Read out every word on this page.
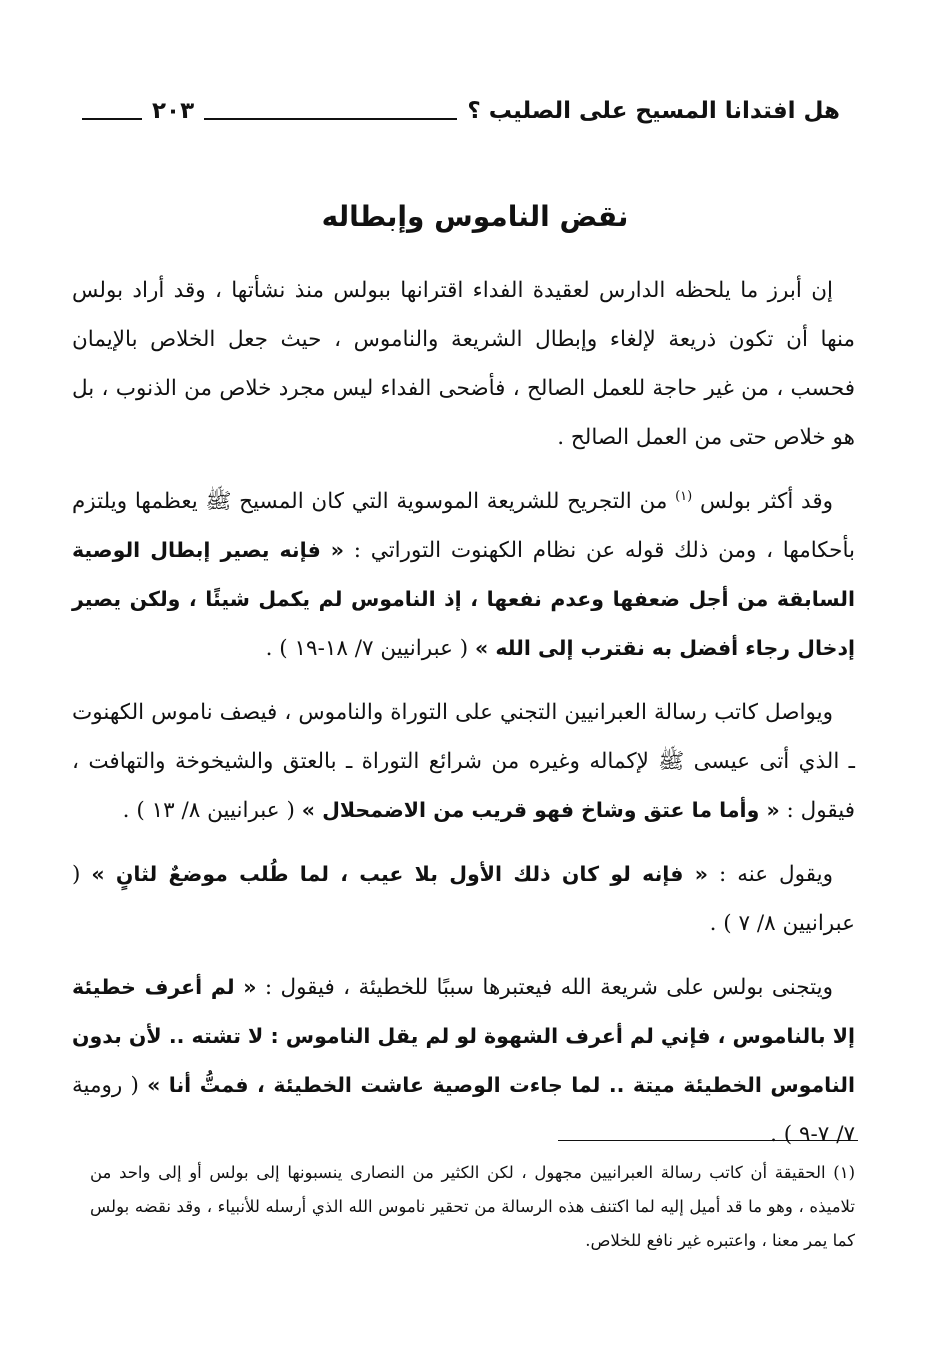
هل افتدانا المسيح على الصليب ؟
٢٠٣
نقض الناموس وإبطاله

إن أبرز ما يلحظه الدارس لعقيدة الفداء اقترانها ببولس منذ نشأتها ، وقد أراد بولس منها أن تكون ذريعة لإلغاء وإبطال الشريعة والناموس ، حيث جعل الخلاص بالإيمان فحسب ، من غير حاجة للعمل الصالح ، فأضحى الفداء ليس مجرد خلاص من الذنوب ، بل هو خلاص حتى من العمل الصالح .

وقد أكثر بولس $^{(١)}$ من التجريح للشريعة الموسوية التي كان المسيح ﷺ يعظمها ويلتزم بأحكامها ، ومن ذلك قوله عن نظام الكهنوت التوراتي : « فإنه يصير إبطال الوصية السابقة من أجل ضعفها وعدم نفعها ، إذ الناموس لم يكمل شيئًا ، ولكن يصير إدخال رجاء أفضل به نقترب إلى الله » ( عبرانيين ٧/ ١٨-١٩ ) .

ويواصل كاتب رسالة العبرانيين التجني على التوراة والناموس ، فيصف ناموس الكهنوت ـ الذي أتى عيسى ﷺ لإكماله وغيره من شرائع التوراة ـ بالعتق والشيخوخة والتهافت ، فيقول : « وأما ما عتق وشاخ فهو قريب من الاضمحلال » ( عبرانيين ٨/ ١٣ ) .

ويقول عنه : « فإنه لو كان ذلك الأول بلا عيب ، لما طُلب موضعٌ لثانٍ » ( عبرانيين ٨/ ٧ ) .

ويتجنى بولس على شريعة الله فيعتبرها سببًا للخطيئة ، فيقول : « لم أعرف خطيئة إلا بالناموس ، فإني لم أعرف الشهوة لو لم يقل الناموس : لا تشته .. لأن بدون الناموس الخطيئة ميتة .. لما جاءت الوصية عاشت الخطيئة ، فمتُّ أنا » ( رومية ٧/ ٧-٩ ) .

(١) الحقيقة أن كاتب رسالة العبرانيين مجهول ، لكن الكثير من النصارى ينسبونها إلى بولس أو إلى واحد من تلاميذه ، وهو ما قد أميل إليه لما اكتنف هذه الرسالة من تحقير ناموس الله الذي أرسله للأنبياء ، وقد نقضه بولس كما يمر معنا ، واعتبره غير نافع للخلاص.
